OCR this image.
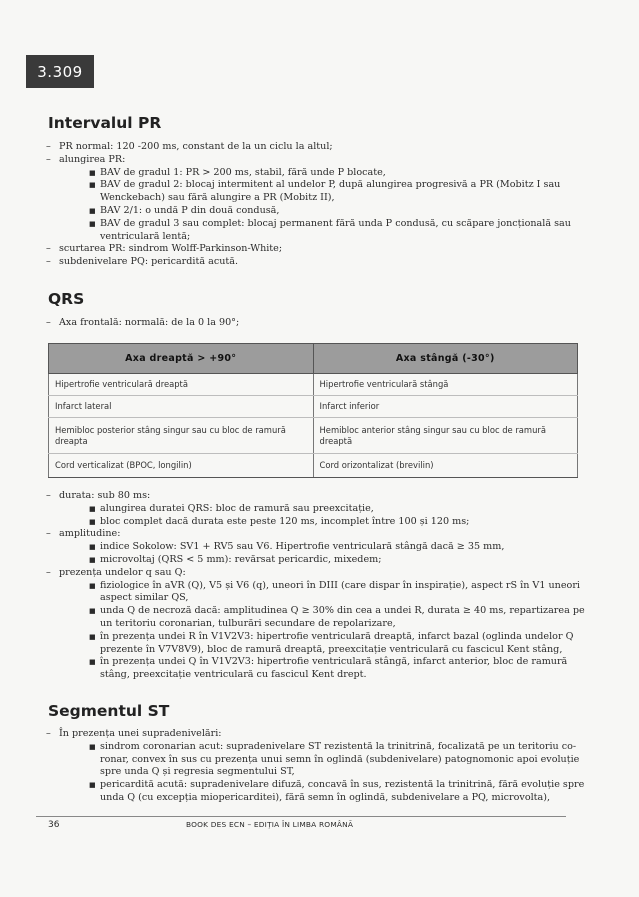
3.309
Intervalul PR
– PR normal: 120 -200 ms, constant de la un ciclu la altul;
– alungirea PR:
■ BAV de gradul 1: PR > 200 ms, stabil, fără unde P blocate,
■ BAV de gradul 2: blocaj intermitent al undelor P, după alungirea progresivă a PR (Mobitz I sau
Wenckebach) sau fără alungire a PR (Mobitz II),
■ BAV 2/1: o undă P din două condusă,
■ BAV de gradul 3 sau complet: blocaj permanent fără unda P condusă, cu scăpare joncțională sau
ventriculară lentă;
– scurtarea PR: sindrom Wolff-Parkinson-White;
– subdenivelare PQ: pericardită acută.
QRS
– Axa frontală: normală: de la 0 la 90°;
Axa dreaptă > +90°	Axa stângă (-30°)
Hipertrofie ventriculară dreaptă	Hipertrofie ventriculară stângă
Infarct lateral	Infarct inferior
Hemibloc posterior stâng singur sau cu bloc de ramură dreapta	Hemibloc anterior stâng singur sau cu bloc de ramură dreaptă
Cord verticalizat (BPOC, longilin)	Cord orizontalizat (brevilin)
– durata: sub 80 ms:
■ alungirea duratei QRS: bloc de ramură sau preexcitație,
■ bloc complet dacă durata este peste 120 ms, incomplet între 100 și 120 ms;
– amplitudine:
■ indice Sokolow: SV1 + RV5 sau V6. Hipertrofie ventriculară stângă dacă ≥ 35 mm,
■ microvoltaj (QRS < 5 mm): revărsat pericardic, mixedem;
– prezența undelor q sau Q:
■ fiziologice în aVR (Q), V5 și V6 (q), uneori în DIII (care dispar în inspirație), aspect rS în V1 uneori
aspect similar QS,
■ unda Q de necroză dacă: amplitudinea Q ≥ 30% din cea a undei R, durata ≥ 40 ms, repartizarea pe
un teritoriu coronarian, tulburări secundare de repolarizare,
■ în prezența undei R în V1V2V3: hipertrofie ventriculară dreaptă, infarct bazal (oglinda undelor Q
prezente în V7V8V9), bloc de ramură dreaptă, preexcitație ventriculară cu fascicul Kent stâng,
■ în prezența undei Q în V1V2V3: hipertrofie ventriculară stângă, infarct anterior, bloc de ramură
stâng, preexcitație ventriculară cu fascicul Kent drept.
Segmentul ST
– În prezența unei supradenivelări:
■ sindrom coronarian acut: supradenivelare ST rezistentă la trinitrină, focalizată pe un teritoriu co-
ronar, convex în sus cu prezența unui semn în oglindă (subdenivelare) patognomonic apoi evoluție
spre unda Q și regresia segmentului ST,
■ pericardită acută: supradenivelare difuză, concavă în sus, rezistentă la trinitrină, fără evoluție spre
unda Q (cu excepția miopericarditei), fără semn în oglindă, subdenivelare a PQ, microvolta),
36	BOOK DES ECN – EDIȚIA ÎN LIMBA ROMÂNĂ
